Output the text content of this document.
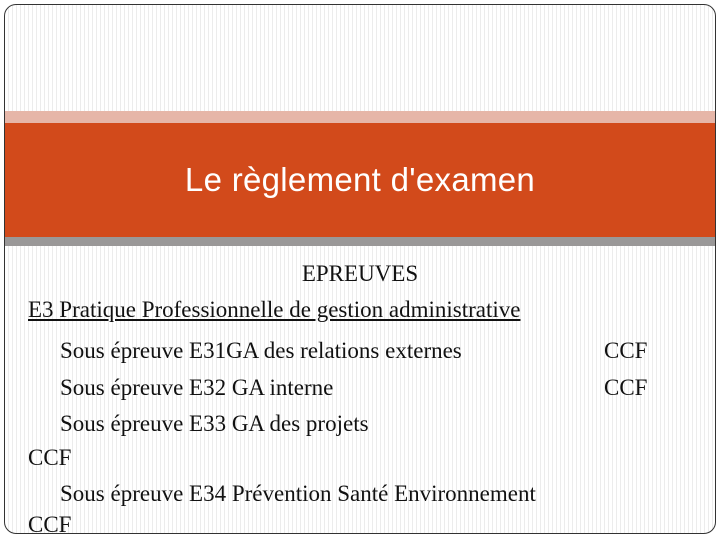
Le règlement d'examen
EPREUVES
E3 Pratique Professionnelle de gestion administrative
Sous épreuve E31GA des relations externes	CCF
Sous épreuve E32 GA interne	CCF
Sous épreuve E33 GA des projets
CCF
Sous épreuve E34 Prévention Santé Environnement
CCF
